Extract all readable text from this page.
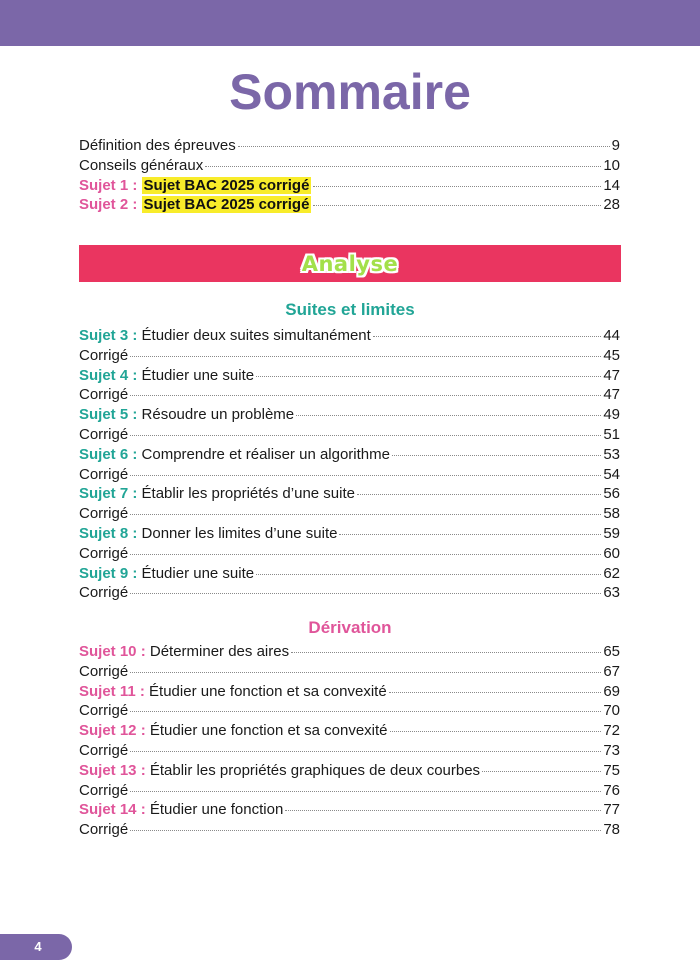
Sommaire
Définition des épreuves	9
Conseils généraux	10
Sujet 1 : Sujet BAC 2025 corrigé	14
Sujet 2 : Sujet BAC 2025 corrigé	28
Analyse
Suites et limites
Sujet 3 : Étudier deux suites simultanément	44
Corrigé	45
Sujet 4 : Étudier une suite	47
Corrigé	47
Sujet 5 : Résoudre un problème	49
Corrigé	51
Sujet 6 : Comprendre et réaliser un algorithme	53
Corrigé	54
Sujet 7 : Établir les propriétés d’une suite	56
Corrigé	58
Sujet 8 : Donner les limites d’une suite	59
Corrigé	60
Sujet 9 : Étudier une suite	62
Corrigé	63
Dérivation
Sujet 10 : Déterminer des aires	65
Corrigé	67
Sujet 11 : Étudier une fonction et sa convexité	69
Corrigé	70
Sujet 12 : Étudier une fonction et sa convexité	72
Corrigé	73
Sujet 13 : Établir les propriétés graphiques de deux courbes	75
Corrigé	76
Sujet 14 : Étudier une fonction	77
Corrigé	78
4
